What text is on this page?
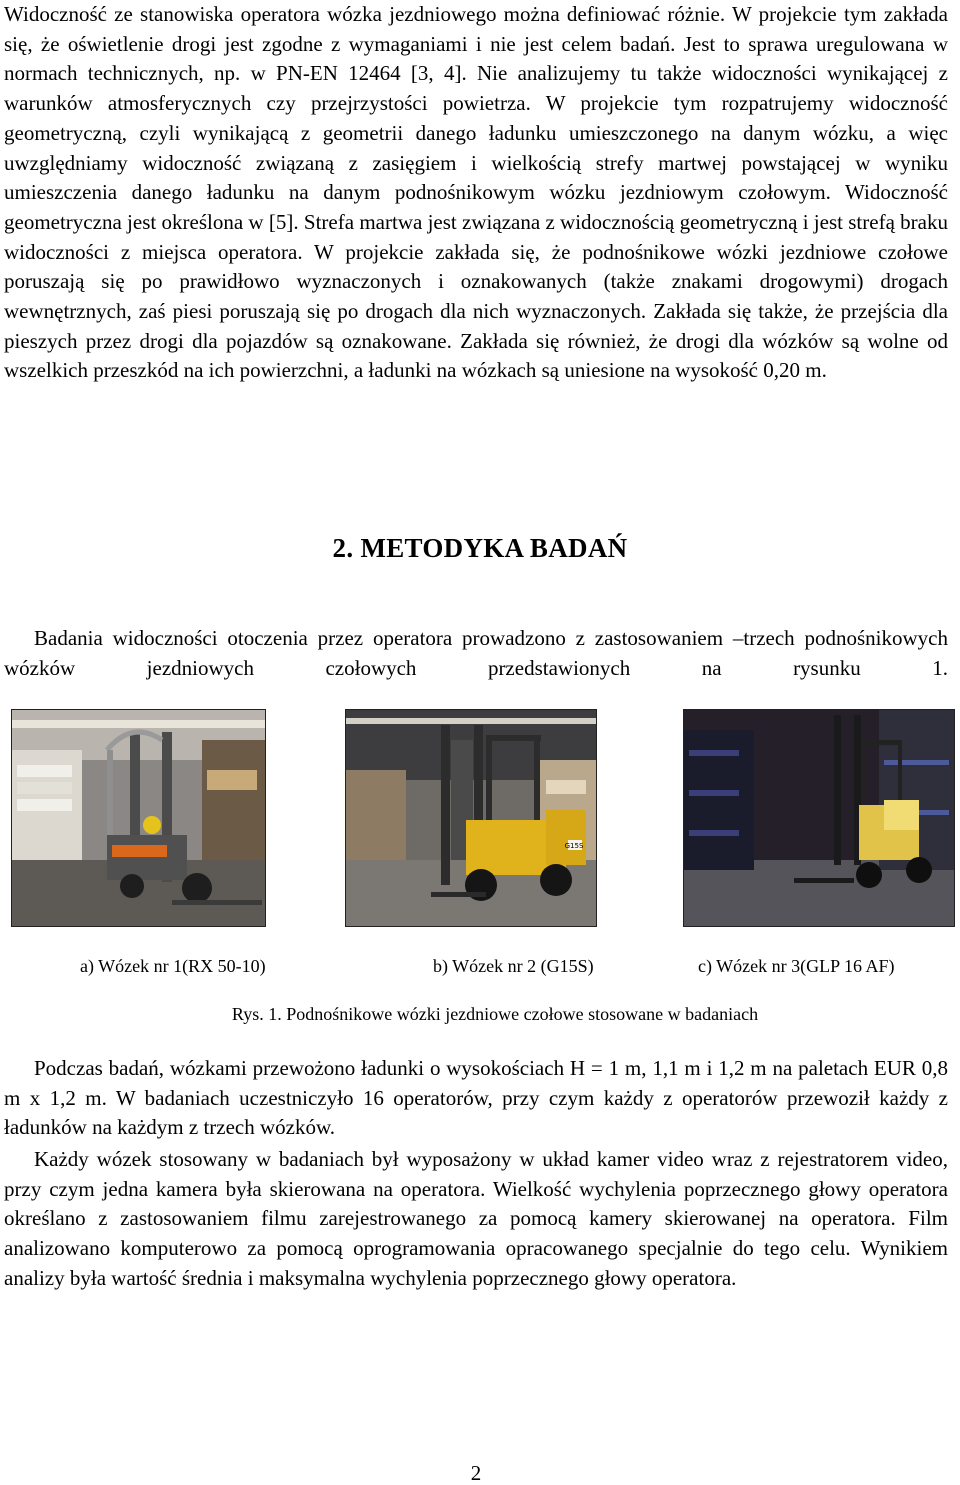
Widoczność ze stanowiska operatora wózka jezdniowego można definiować różnie. W projekcie tym zakłada się, że oświetlenie drogi jest zgodne z wymaganiami i nie jest celem badań. Jest to sprawa uregulowana w normach technicznych, np. w PN-EN 12464 [3, 4]. Nie analizujemy tu także widoczności wynikającej z warunków atmosferycznych czy przejrzystości powietrza. W projekcie tym rozpatrujemy widoczność geometryczną, czyli wynikającą z geometrii danego ładunku umieszczonego na danym wózku, a więc uwzględniamy widoczność związaną z zasięgiem i wielkością strefy martwej powstającej w wyniku umieszczenia danego ładunku na danym podnośnikowym wózku jezdniowym czołowym. Widoczność geometryczna jest określona w [5]. Strefa martwa jest związana z widocznością geometryczną i jest strefą braku widoczności z miejsca operatora. W projekcie zakłada się, że podnośnikowe wózki jezdniowe czołowe poruszają się po prawidłowo wyznaczonych i oznakowanych (także znakami drogowymi) drogach wewnętrznych, zaś piesi poruszają się po drogach dla nich wyznaczonych. Zakłada się także, że przejścia dla pieszych przez drogi dla pojazdów są oznakowane. Zakłada się również, że drogi dla wózków są wolne od wszelkich przeszkód na ich powierzchni, a ładunki na wózkach są uniesione na wysokość 0,20 m.

2. METODYKA BADAŃ

Badania widoczności otoczenia przez operatora prowadzono z zastosowaniem –trzech podnośnikowych wózków jezdniowych czołowych przedstawionych na rysunku 1.

G15S

a) Wózek nr 1(RX 50-10)	b) Wózek nr 2 (G15S)	c) Wózek nr 3(GLP 16 AF)

Rys. 1. Podnośnikowe wózki jezdniowe czołowe stosowane w badaniach

Podczas badań, wózkami przewożono ładunki o wysokościach H = 1 m, 1,1 m i 1,2 m na paletach EUR 0,8 m x 1,2 m. W badaniach uczestniczyło 16 operatorów, przy czym każdy z operatorów przewoził każdy z ładunków na każdym z trzech wózków.

Każdy wózek stosowany w badaniach był wyposażony w układ kamer video wraz z rejestratorem video, przy czym jedna kamera była skierowana na operatora. Wielkość wychylenia poprzecznego głowy operatora określano z zastosowaniem filmu zarejestrowanego za pomocą kamery skierowanej na operatora. Film analizowano komputerowo za pomocą oprogramowania opracowanego specjalnie do tego celu. Wynikiem analizy była wartość średnia i maksymalna wychylenia poprzecznego głowy operatora.

2
